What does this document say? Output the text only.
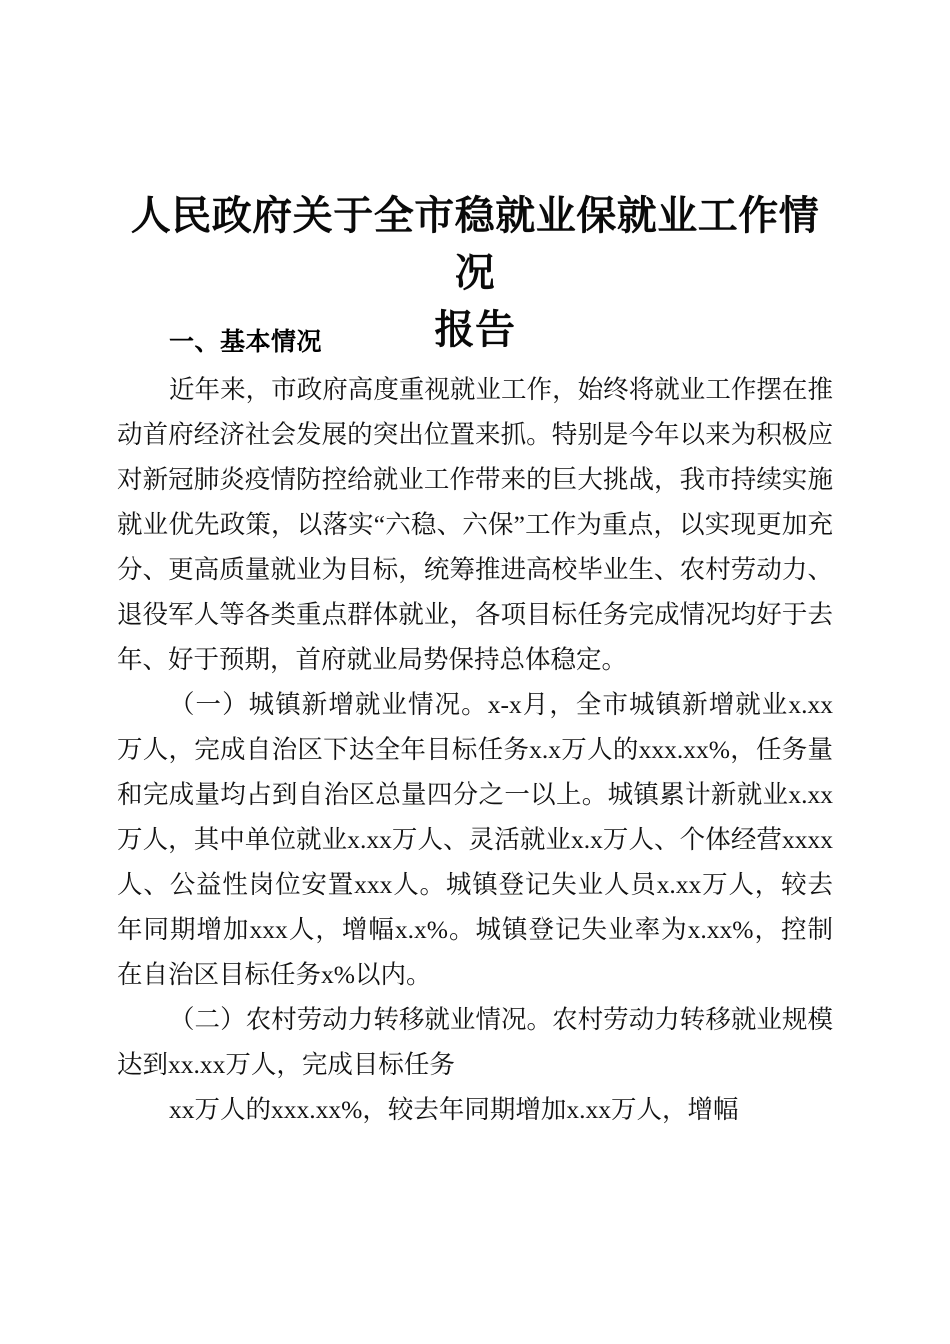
人民政府关于全市稳就业保就业工作情况
报告
一、基本情况

近年来，市政府高度重视就业工作，始终将就业工作摆在推动首府经济社会发展的突出位置来抓。特别是今年以来为积极应对新冠肺炎疫情防控给就业工作带来的巨大挑战，我市持续实施就业优先政策，以落实“六稳、六保”工作为重点，以实现更加充分、更高质量就业为目标，统筹推进高校毕业生、农村劳动力、退役军人等各类重点群体就业，各项目标任务完成情况均好于去年、好于预期，首府就业局势保持总体稳定。

（一）城镇新增就业情况。x-x月，全市城镇新增就业x.xx万人，完成自治区下达全年目标任务x.x万人的xxx.xx%，任务量和完成量均占到自治区总量四分之一以上。城镇累计新就业x.xx万人，其中单位就业x.xx万人、灵活就业x.x万人、个体经营xxxx人、公益性岗位安置xxx人。城镇登记失业人员x.xx万人，较去年同期增加xxx人，增幅x.x%。城镇登记失业率为x.xx%，控制在自治区目标任务x%以内。

（二）农村劳动力转移就业情况。农村劳动力转移就业规模达到xx.xx万人，完成目标任务

xx万人的xxx.xx%，较去年同期增加x.xx万人，增幅
